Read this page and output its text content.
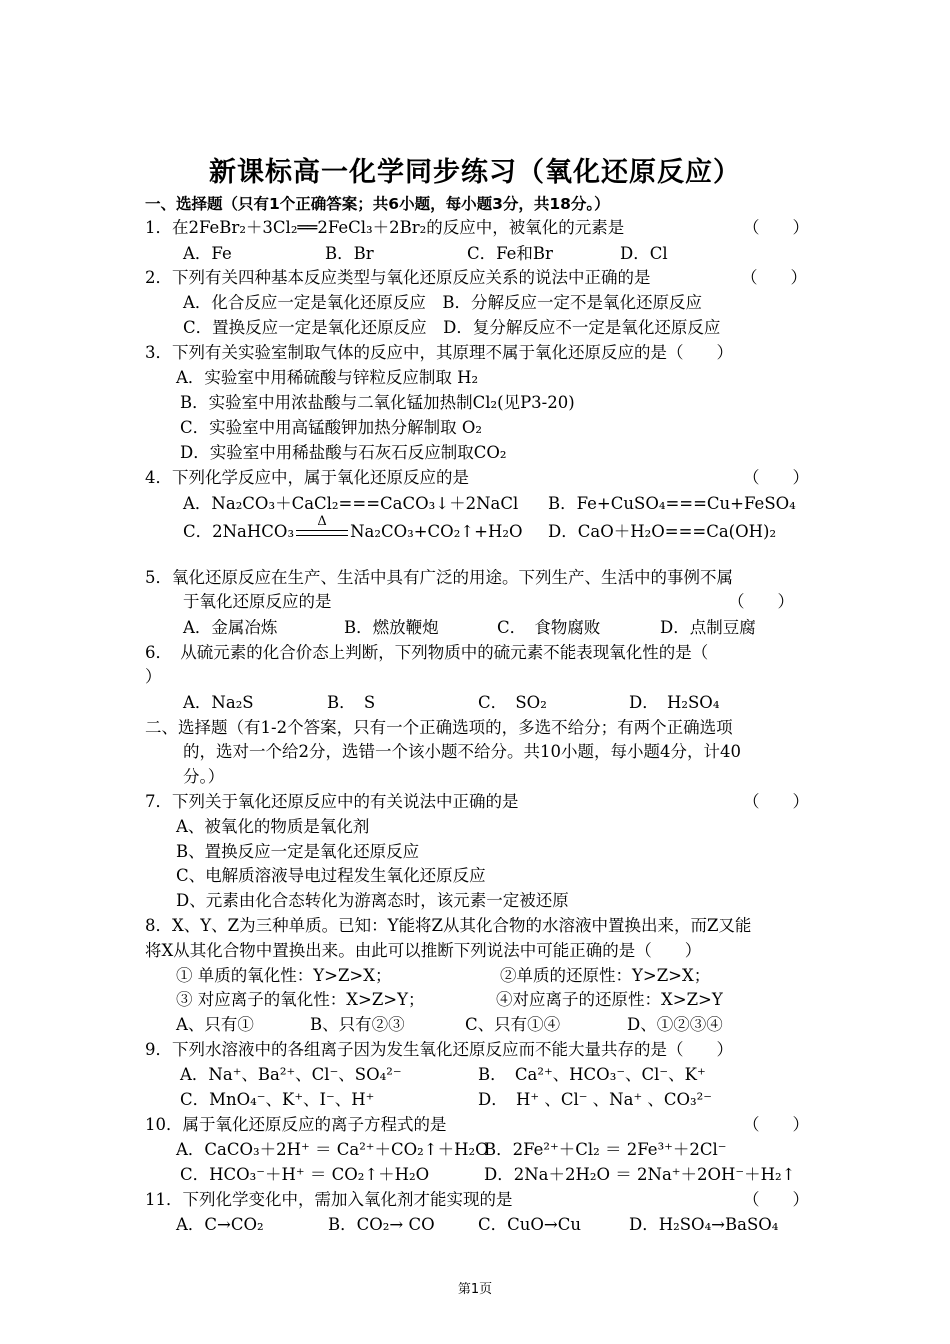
新课标高一化学同步练习（氧化还原反应）
一、选择题（只有1个正确答案；共6小题，每小题3分，共18分。）
1．在2FeBr₂＋3Cl₂══2FeCl₃＋2Br₂的反应中，被氧化的元素是	（　　）
A．Fe	B．Br	C．Fe和Br	D．Cl
2．下列有关四种基本反应类型与氧化还原反应关系的说法中正确的是	（　　）
A．化合反应一定是氧化还原反应　B．分解反应一定不是氧化还原反应
C．置换反应一定是氧化还原反应　D．复分解反应不一定是氧化还原反应
3．下列有关实验室制取气体的反应中，其原理不属于氧化还原反应的是（　　）
A．实验室中用稀硫酸与锌粒反应制取 H₂
B．实验室中用浓盐酸与二氧化锰加热制Cl₂(见P3-20)
C．实验室中用高锰酸钾加热分解制取 O₂
D．实验室中用稀盐酸与石灰石反应制取CO₂
4．下列化学反应中，属于氧化还原反应的是	（　　）
A．Na₂CO₃＋CaCl₂===CaCO₃↓＋2NaCl B．Fe+CuSO₄===Cu+FeSO₄
C．2NaHCO₃
Δ
Na₂CO₃+CO₂↑+H₂O D．CaO＋H₂O===Ca(OH)₂
5．氧化还原反应在生产、生活中具有广泛的用途。下列生产、生活中的事例不属
于氧化还原反应的是	（　　）
A．金属冶炼	B．燃放鞭炮	C．　食物腐败	D．点制豆腐
6．　从硫元素的化合价态上判断，下列物质中的硫元素不能表现氧化性的是（
）
A．Na₂S	B．　S	C．　SO₂	D．　H₂SO₄
二、选择题（有1-2个答案，只有一个正确选项的，多选不给分；有两个正确选项
的，选对一个给2分，选错一个该小题不给分。共10小题，每小题4分，计40
分。）
7．下列关于氧化还原反应中的有关说法中正确的是	（　　）
A、被氧化的物质是氧化剂
B、置换反应一定是氧化还原反应
C、电解质溶液导电过程发生氧化还原反应
D、元素由化合态转化为游离态时，该元素一定被还原
8．X、Y、Z为三种单质。已知：Y能将Z从其化合物的水溶液中置换出来，而Z又能
将X从其化合物中置换出来。由此可以推断下列说法中可能正确的是（　　）
① 单质的氧化性：Y>Z>X；	②单质的还原性：Y>Z>X；
③ 对应离子的氧化性：X>Z>Y；	④对应离子的还原性：X>Z>Y
A、只有①	B、只有②③	C、只有①④	D、①②③④
9．下列水溶液中的各组离子因为发生氧化还原反应而不能大量共存的是（　　）
A．Na⁺、Ba²⁺、Cl⁻、SO₄²⁻	B．　Ca²⁺、HCO₃⁻、Cl⁻、K⁺
C．MnO₄⁻、K⁺、I⁻、H⁺	D．　H⁺ 、Cl⁻ 、Na⁺ 、CO₃²⁻
10．属于氧化还原反应的离子方程式的是	（　　）
A．CaCO₃＋2H⁺ ＝ Ca²⁺＋CO₂↑＋H₂O
B．2Fe²⁺＋Cl₂ ＝ 2Fe³⁺＋2Cl⁻
C．HCO₃⁻＋H⁺ ＝ CO₂↑＋H₂O	D．2Na＋2H₂O ＝ 2Na⁺＋2OH⁻＋H₂↑
11．下列化学变化中，需加入氧化剂才能实现的是	（　　）
A．C→CO₂	B．CO₂→ CO	C．CuO→Cu	D．H₂SO₄→BaSO₄
第1页
